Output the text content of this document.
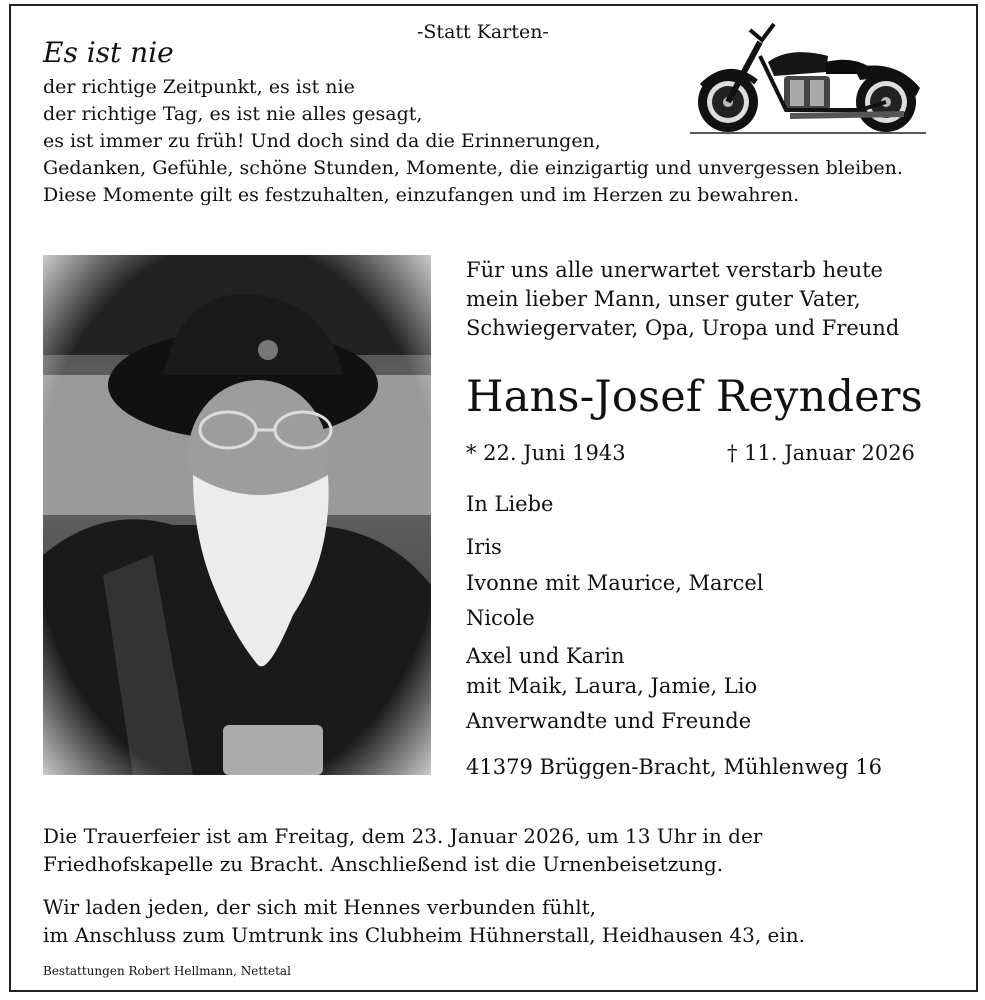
-Statt Karten-
Es ist nie
der richtige Zeitpunkt, es ist nie
der richtige Tag, es ist nie alles gesagt,
es ist immer zu früh! Und doch sind da die Erinnerungen,
Gedanken, Gefühle, schöne Stunden, Momente, die einzigartig und unvergessen bleiben.
Diese Momente gilt es festzuhalten, einzufangen und im Herzen zu bewahren.
Für uns alle unerwartet verstarb heute
mein lieber Mann, unser guter Vater,
Schwiegervater, Opa, Uropa und Freund
Hans-Josef Reynders
* 22. Juni 1943	† 11. Januar 2026
In Liebe
Iris
Ivonne mit Maurice, Marcel
Nicole
Axel und Karin
mit Maik, Laura, Jamie, Lio
Anverwandte und Freunde
41379 Brüggen-Bracht, Mühlenweg 16
Die Trauerfeier ist am Freitag, dem 23. Januar 2026, um 13 Uhr in der
Friedhofskapelle zu Bracht. Anschließend ist die Urnenbeisetzung.
Wir laden jeden, der sich mit Hennes verbunden fühlt,
im Anschluss zum Umtrunk ins Clubheim Hühnerstall, Heidhausen 43, ein.
Bestattungen Robert Hellmann, Nettetal
